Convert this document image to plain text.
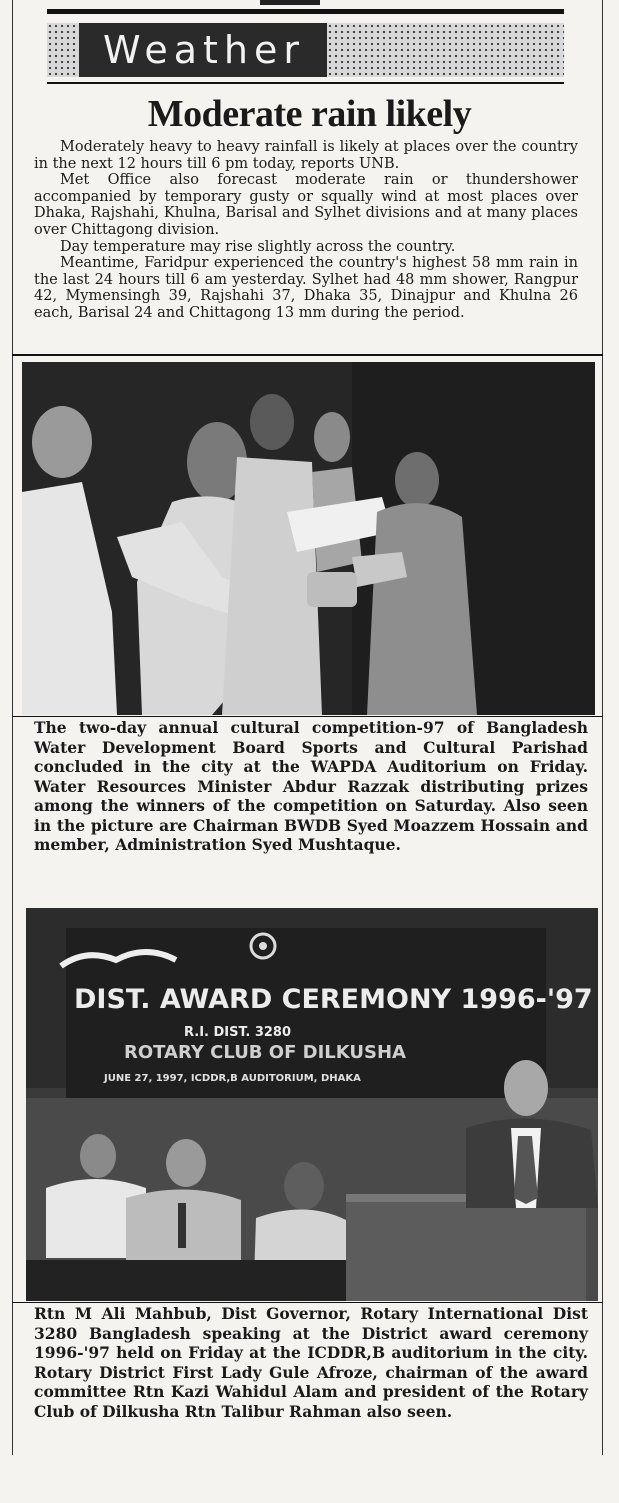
Weather
Moderate rain likely

Moderately heavy to heavy rainfall is likely at places over the country in the next 12 hours till 6 pm today, reports UNB.

Met Office also forecast moderate rain or thundershower accompanied by temporary gusty or squally wind at most places over Dhaka, Rajshahi, Khulna, Barisal and Sylhet divisions and at many places over Chittagong division.

Day temperature may rise slightly across the country.

Meantime, Faridpur experienced the country's highest 58 mm rain in the last 24 hours till 6 am yesterday. Sylhet had 48 mm shower, Rangpur 42, Mymensingh 39, Rajshahi 37, Dhaka 35, Dinajpur and Khulna 26 each, Barisal 24 and Chittagong 13 mm during the period.

The two-day annual cultural competition-97 of Bangladesh Water Development Board Sports and Cultural Parishad concluded in the city at the WAPDA Auditorium on Friday. Water Resources Minister Abdur Razzak distributing prizes among the winners of the competition on Saturday. Also seen in the picture are Chairman BWDB Syed Moazzem Hossain and member, Administration Syed Mushtaque.

DIST. AWARD CEREMONY 1996-'97
R.I. DIST. 3280
ROTARY CLUB OF DILKUSHA
JUNE 27, 1997, ICDDR,B AUDITORIUM, DHAKA

Rtn M Ali Mahbub, Dist Governor, Rotary International Dist 3280 Bangladesh speaking at the District award ceremony 1996-'97 held on Friday at the ICDDR,B auditorium in the city. Rotary District First Lady Gule Afroze, chairman of the award committee Rtn Kazi Wahidul Alam and president of the Rotary Club of Dilkusha Rtn Talibur Rahman also seen.
